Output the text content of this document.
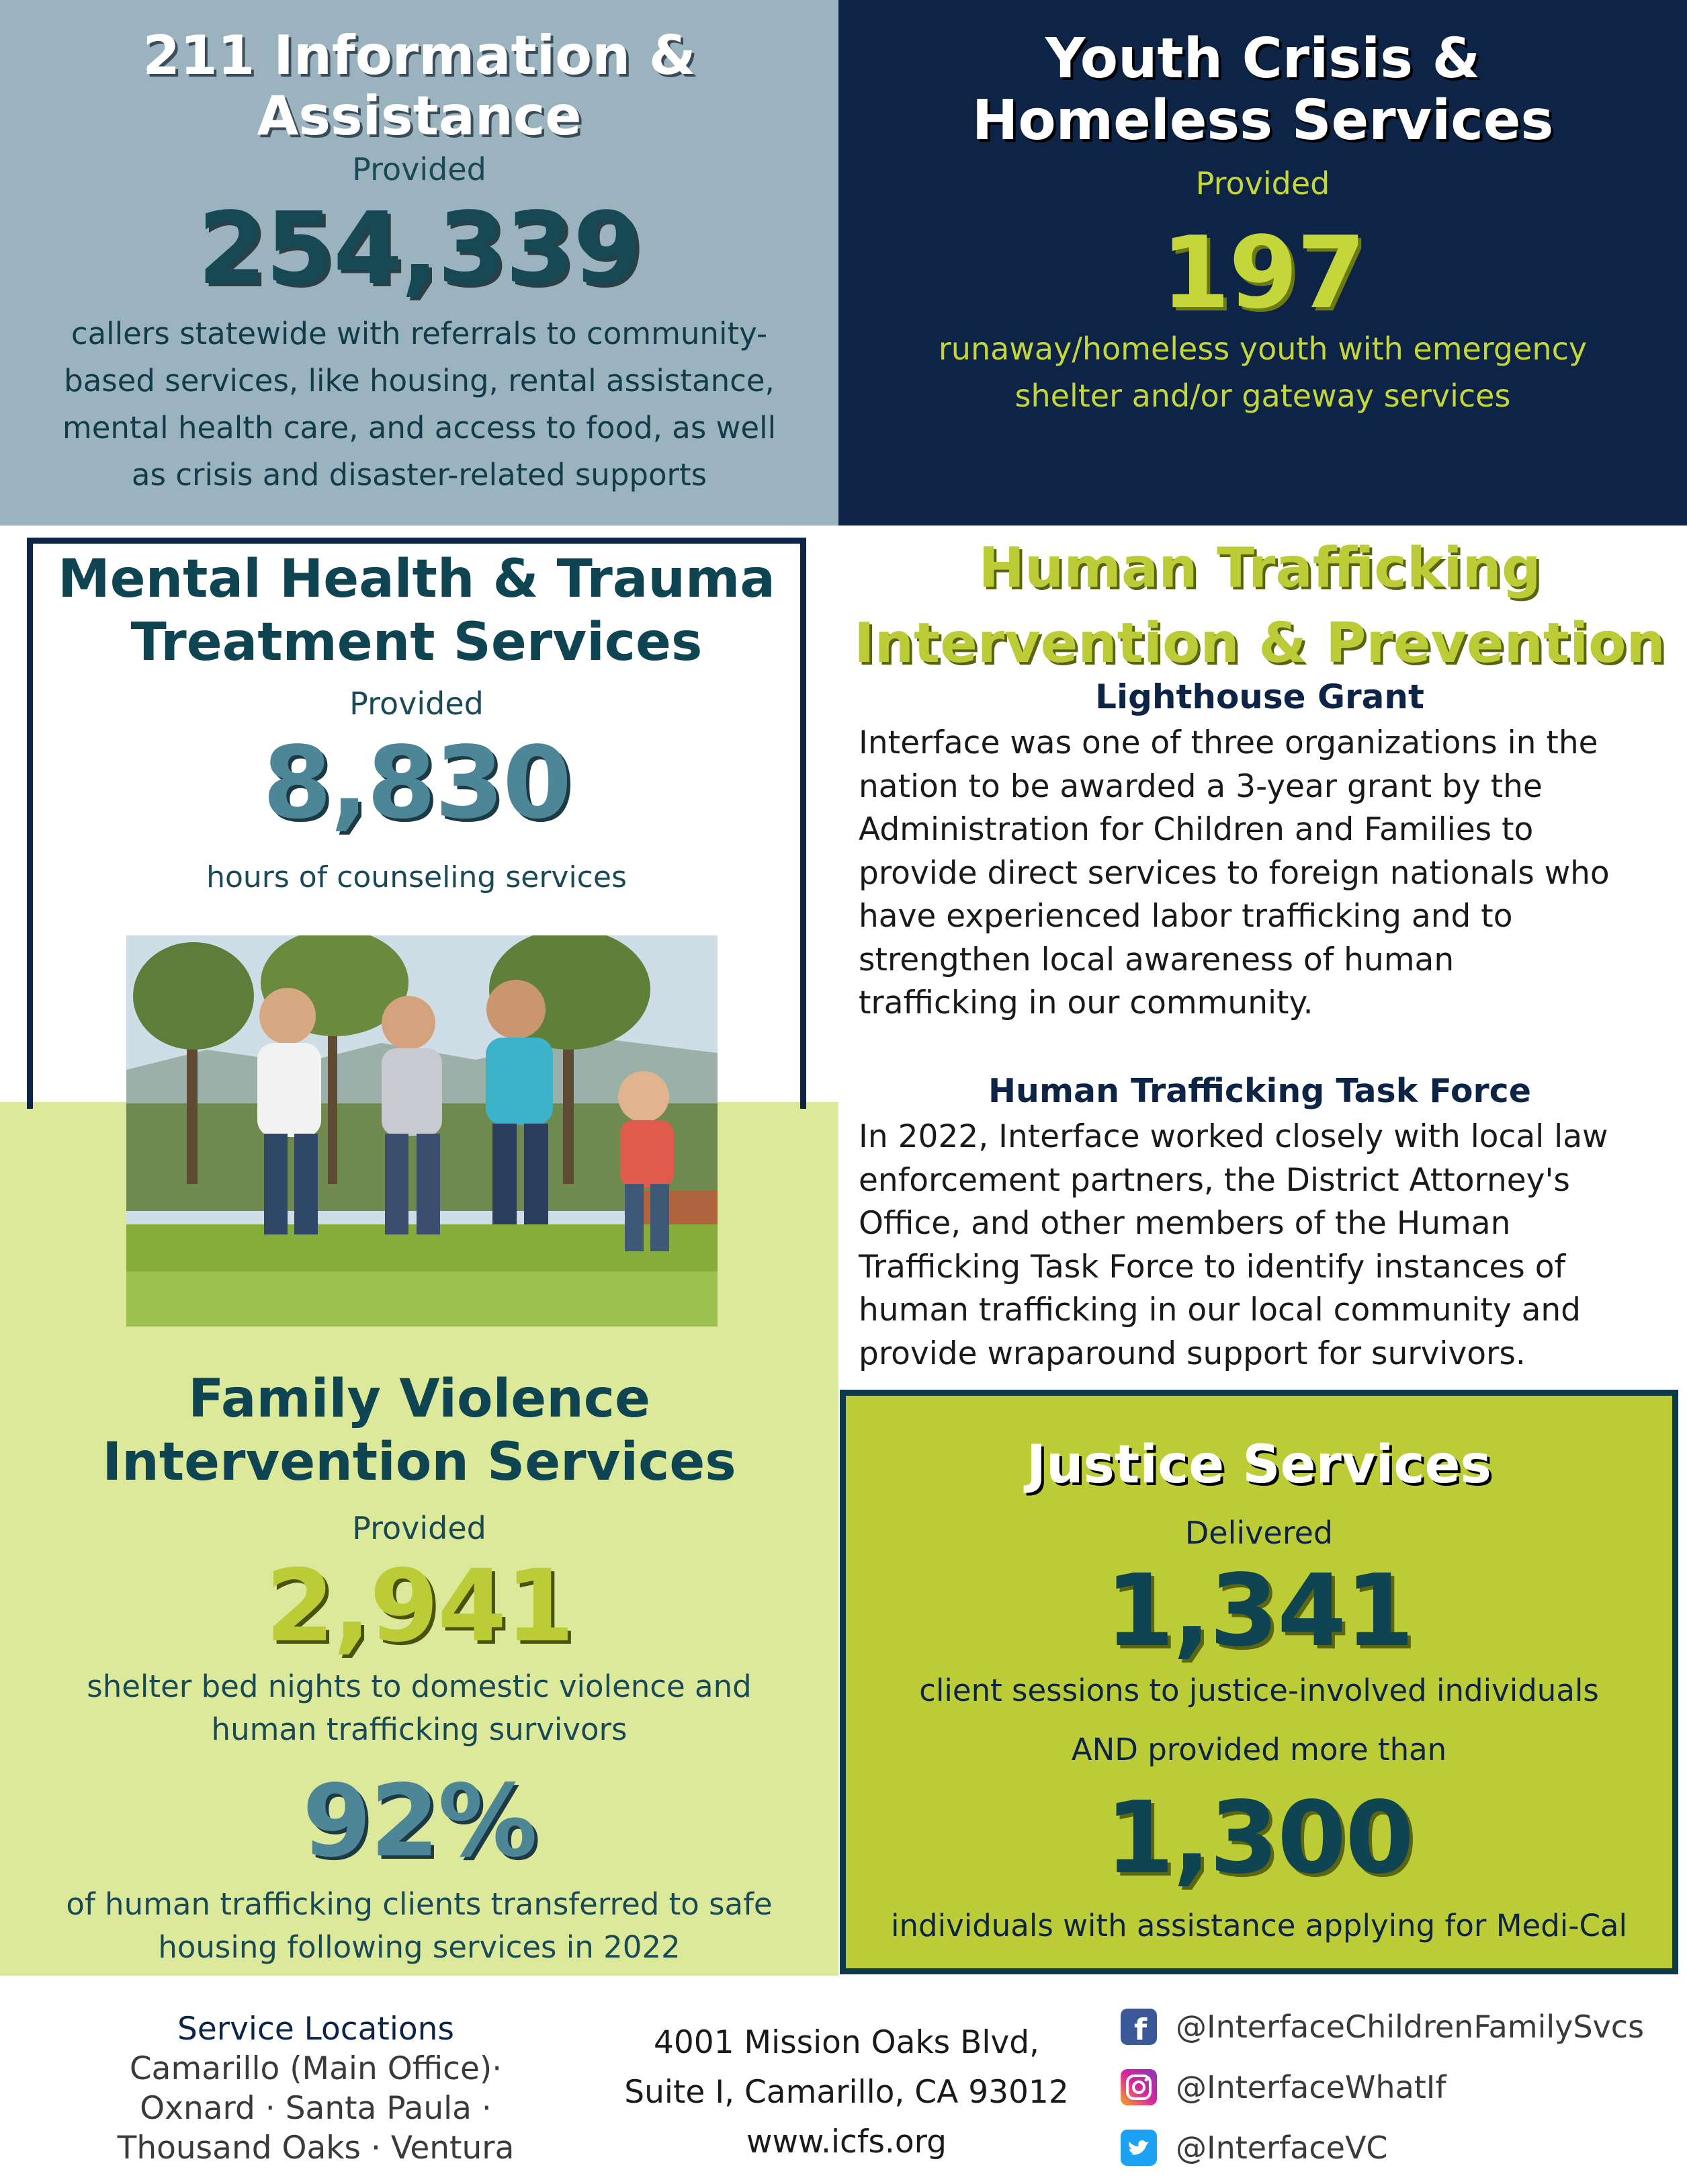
211 Information &
Assistance
Provided
254,339
callers statewide with referrals to community-
based services, like housing, rental assistance,
mental health care, and access to food, as well
as crisis and disaster-related supports
Youth Crisis &
Homeless Services
Provided
197
runaway/homeless youth with emergency
shelter and/or gateway services
Mental Health & Trauma
Treatment Services
Provided
8,830
hours of counseling services
Human Trafficking
Intervention & Prevention
Lighthouse Grant
Interface was one of three organizations in the
nation to be awarded a 3-year grant by the
Administration for Children and Families to
provide direct services to foreign nationals who
have experienced labor trafficking and to
strengthen local awareness of human
trafficking in our community.
Human Trafficking Task Force
In 2022, Interface worked closely with local law
enforcement partners, the District Attorney's
Office, and other members of the Human
Trafficking Task Force to identify instances of
human trafficking in our local community and
provide wraparound support for survivors.
Family Violence
Intervention Services
Provided
2,941
shelter bed nights to domestic violence and
human trafficking survivors
92%
of human trafficking clients transferred to safe
housing following services in 2022
Justice Services
Delivered
1,341
client sessions to justice-involved individuals
AND provided more than
1,300
individuals with assistance applying for Medi-Cal
Service Locations
Camarillo (Main Office)·
Oxnard · Santa Paula ·
Thousand Oaks · Ventura
4001 Mission Oaks Blvd,
Suite I, Camarillo, CA 93012
www.icfs.org
f @InterfaceChildrenFamilySvcs
@InterfaceWhatIf
@InterfaceVC
